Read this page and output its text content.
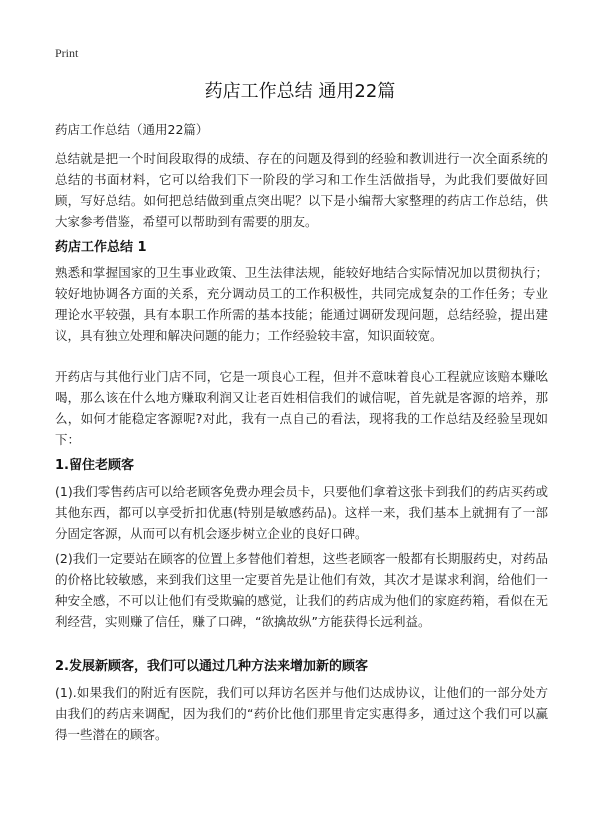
Print
药店工作总结 通用22篇
药店工作总结（通用22篇）

总结就是把一个时间段取得的成绩、存在的问题及得到的经验和教训进行一次全面系统的总结的书面材料，它可以给我们下一阶段的学习和工作生活做指导，为此我们要做好回顾，写好总结。如何把总结做到重点突出呢？以下是小编帮大家整理的药店工作总结，供大家参考借鉴，希望可以帮助到有需要的朋友。

药店工作总结 1

熟悉和掌握国家的卫生事业政策、卫生法律法规，能较好地结合实际情况加以贯彻执行；较好地协调各方面的关系，充分调动员工的工作积极性，共同完成复杂的工作任务；专业理论水平较强，具有本职工作所需的基本技能；能通过调研发现问题，总结经验，提出建议，具有独立处理和解决问题的能力；工作经验较丰富，知识面较宽。

开药店与其他行业门店不同，它是一项良心工程，但并不意味着良心工程就应该赔本赚吆喝，那么该在什么地方赚取利润又让老百姓相信我们的诚信呢，首先就是客源的培养，那么，如何才能稳定客源呢?对此，我有一点自己的看法，现将我的工作总结及经验呈现如下：

1.留住老顾客

(1)我们零售药店可以给老顾客免费办理会员卡，只要他们拿着这张卡到我们的药店买药或其他东西，都可以享受折扣优惠(特别是敏感药品)。这样一来，我们基本上就拥有了一部分固定客源，从而可以有机会逐步树立企业的良好口碑。

(2)我们一定要站在顾客的位置上多替他们着想，这些老顾客一般都有长期服药史，对药品的价格比较敏感，来到我们这里一定要首先是让他们有效，其次才是谋求利润，给他们一种安全感，不可以让他们有受欺骗的感觉，让我们的药店成为他们的家庭药箱，看似在无利经营，实则赚了信任，赚了口碑，“欲擒故纵”方能获得长远利益。

2.发展新顾客，我们可以通过几种方法来增加新的顾客

(1).如果我们的附近有医院，我们可以拜访名医并与他们达成协议，让他们的一部分处方由我们的药店来调配，因为我们的“药价比他们那里肯定实惠得多，通过这个我们可以赢得一些潜在的顾客。
